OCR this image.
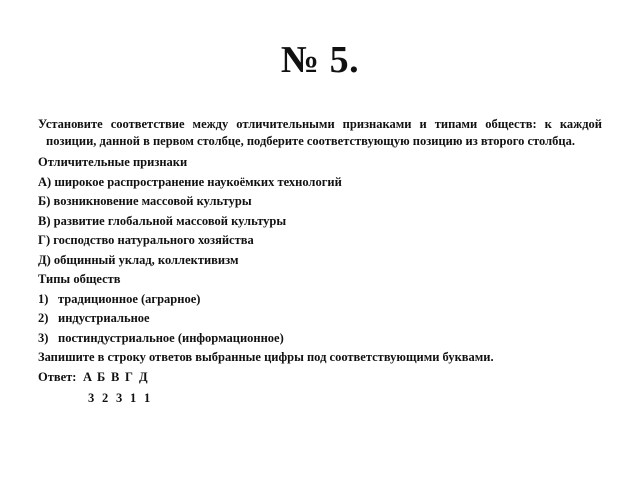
№ 5.

Установите соответствие между отличительными признаками и типами обществ: к каждой позиции, данной в первом столбце, подберите соответствующую позицию из второго столбца.

Отличительные признаки
А) широкое распространение наукоёмких технологий
Б) возникновение массовой культуры
В) развитие глобальной массовой культуры
Г) господство натурального хозяйства
Д) общинный уклад, коллективизм
Типы обществ
1) традиционное (аграрное)
2) индустриальное
3) постиндустриальное (информационное)
Запишите в строку ответов выбранные цифры под соответствующими буквами.
Ответ: А Б В Г Д
3 2 3 1 1
